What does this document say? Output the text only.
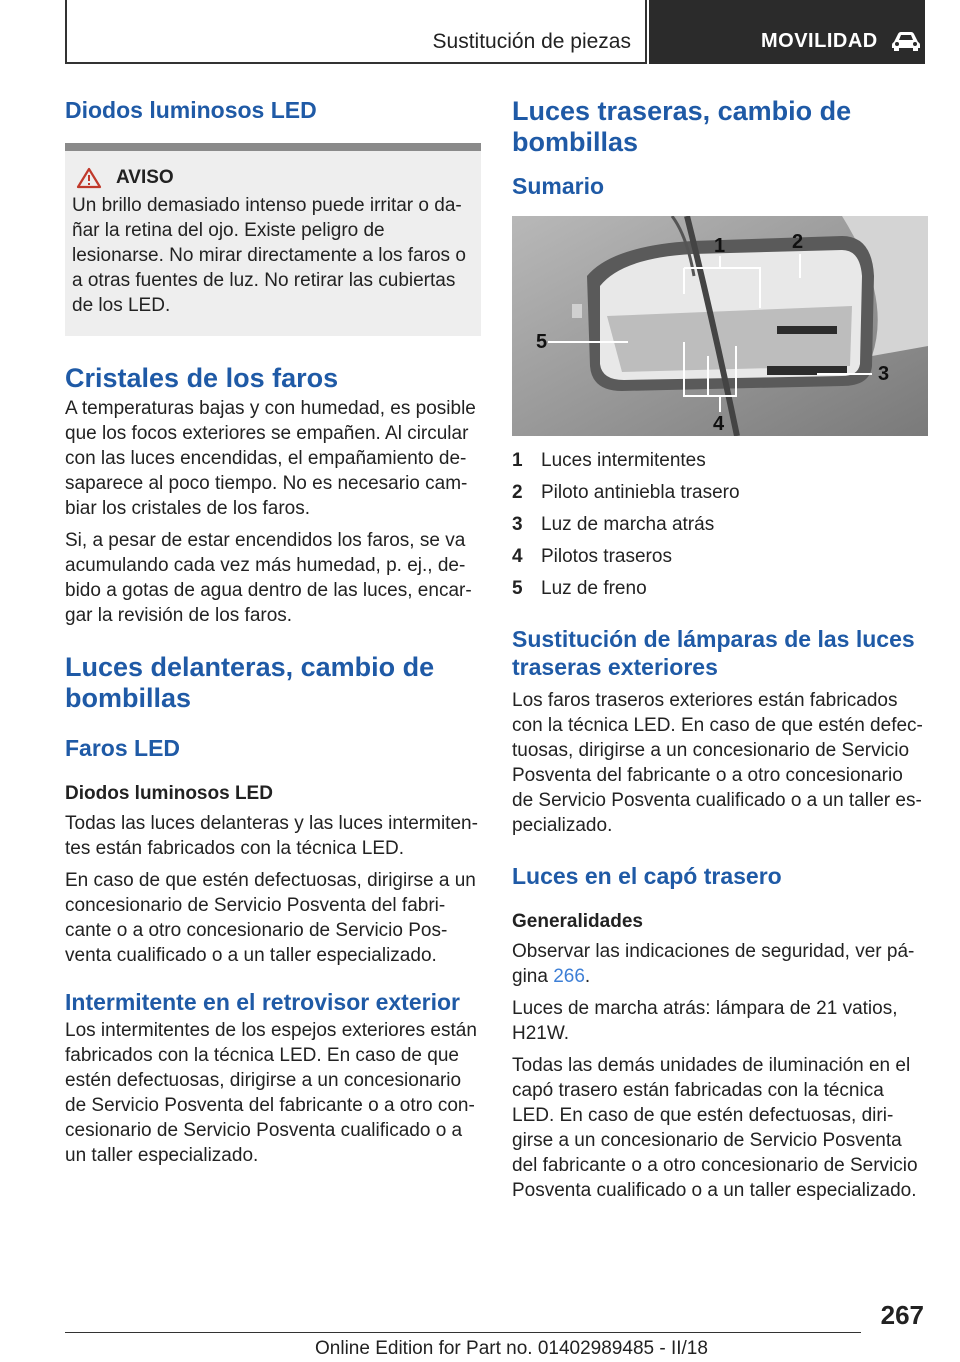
Sustitución de piezas	MOVILIDAD
Diodos luminosos LED
AVISO

Un brillo demasiado intenso puede irritar o da-ñar la retina del ojo. Existe peligro de lesionarse. No mirar directamente a los faros o a otras fuentes de luz. No retirar las cubiertas de los LED.

Cristales de los faros

A temperaturas bajas y con humedad, es posible que los focos exteriores se empañen. Al circular con las luces encendidas, el empañamiento de-saparece al poco tiempo. No es necesario cam-biar los cristales de los faros.

Si, a pesar de estar encendidos los faros, se va acumulando cada vez más humedad, p. ej., de-bido a gotas de agua dentro de las luces, encar-gar la revisión de los faros.

Luces delanteras, cambio de bombillas
Faros LED
Diodos luminosos LED

Todas las luces delanteras y las luces intermiten-tes están fabricados con la técnica LED.

En caso de que estén defectuosas, dirigirse a un concesionario de Servicio Posventa del fabri-cante o a otro concesionario de Servicio Pos-venta cualificado o a un taller especializado.

Intermitente en el retrovisor exterior

Los intermitentes de los espejos exteriores están fabricados con la técnica LED. En caso de que estén defectuosas, dirigirse a un concesionario de Servicio Posventa del fabricante o a otro con-cesionario de Servicio Posventa cualificado o a un taller especializado.

Luces traseras, cambio de bombillas
Sumario
1	2
3
4
5
1 Luces intermitentes
2 Piloto antiniebla trasero
3 Luz de marcha atrás
4 Pilotos traseros
5 Luz de freno
Sustitución de lámparas de las luces traseras exteriores

Los faros traseros exteriores están fabricados con la técnica LED. En caso de que estén defec-tuosas, dirigirse a un concesionario de Servicio Posventa del fabricante o a otro concesionario de Servicio Posventa cualificado o a un taller es-pecializado.

Luces en el capó trasero
Generalidades

Observar las indicaciones de seguridad, ver pá-gina 266.

Luces de marcha atrás: lámpara de 21 vatios, H21W.

Todas las demás unidades de iluminación en el capó trasero están fabricadas con la técnica LED. En caso de que estén defectuosas, diri-girse a un concesionario de Servicio Posventa del fabricante o a otro concesionario de Servicio Posventa cualificado o a un taller especializado.

267
Online Edition for Part no. 01402989485 - II/18
